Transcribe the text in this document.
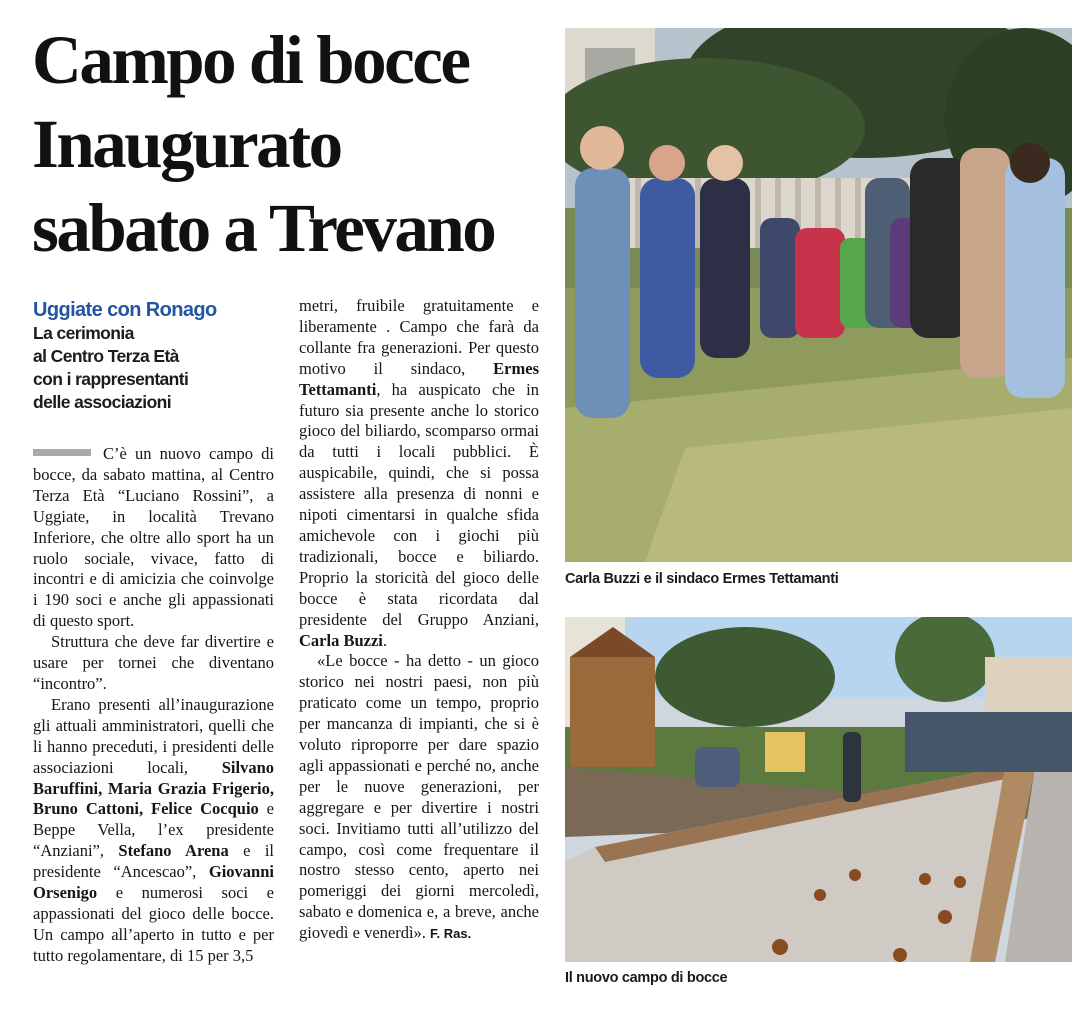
Campo di bocce
Inaugurato
sabato a Trevano
Uggiate con Ronago
La cerimonia
al Centro Terza Età
con i rappresentanti
delle associazioni

C’è un nuovo campo di bocce, da sabato mattina, al Centro Terza Età “Luciano Rossini”, a Uggiate, in località Trevano Inferiore, che oltre allo sport ha un ruolo sociale, vivace, fatto di incontri e di amicizia che coinvolge i 190 soci e anche gli appassionati di questo sport.

Struttura che deve far divertire e usare per tornei che diventano “incontro”.

Erano presenti all’inaugurazione gli attuali amministratori, quelli che li hanno preceduti, i presidenti delle associazioni locali, Silvano Baruffini, Maria Grazia Frigerio, Bruno Cattoni, Felice Cocquio e Beppe Vella, l’ex presidente “Anziani”, Stefano Arena e il presidente “Ancescao”, Giovanni Orsenigo e numerosi soci e appassionati del gioco delle bocce. Un campo all’aperto in tutto e per tutto regolamentare, di 15 per 3,5

metri, fruibile gratuitamente e liberamente . Campo che farà da collante fra generazioni. Per questo motivo il sindaco, Ermes Tettamanti, ha auspicato che in futuro sia presente anche lo storico gioco del biliardo, scomparso ormai da tutti i locali pubblici. È auspicabile, quindi, che si possa assistere alla presenza di nonni e nipoti cimentarsi in qualche sfida amichevole con i giochi più tradizionali, bocce e biliardo. Proprio la storicità del gioco delle bocce è stata ricordata dal presidente del Gruppo Anziani, Carla Buzzi.

«Le bocce - ha detto - un gioco storico nei nostri paesi, non più praticato come un tempo, proprio per mancanza di impianti, che si è voluto riproporre per dare spazio agli appassionati e perché no, anche per le nuove generazioni, per aggregare e per divertire i nostri soci. Invitiamo tutti all’utilizzo del campo, così come frequentare il nostro stesso cento, aperto nei pomeriggi dei giorni mercoledì, sabato e domenica e, a breve, anche giovedì e venerdì». F. Ras.

Carla Buzzi e il sindaco Ermes Tettamanti

Il nuovo campo di bocce
